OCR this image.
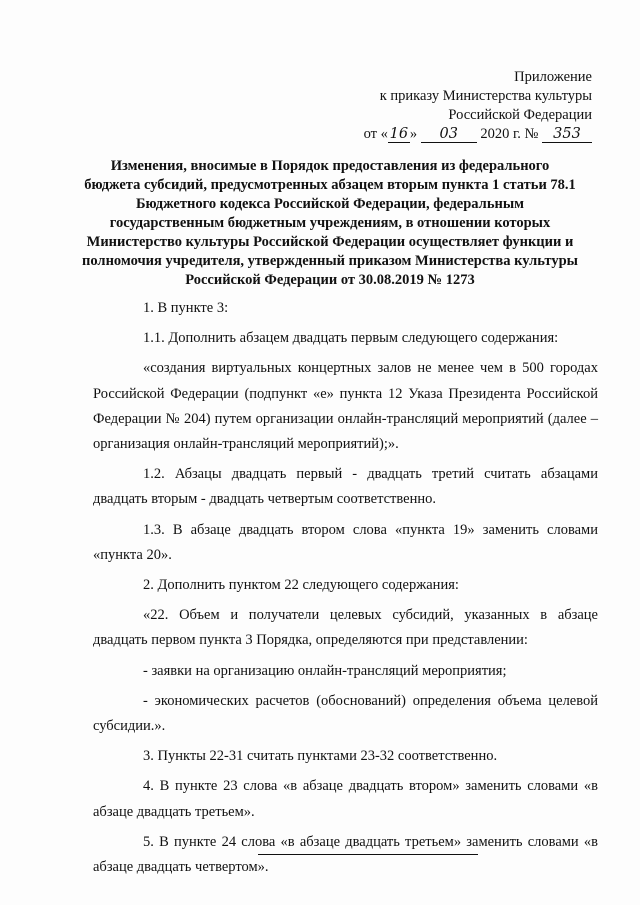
Приложение
к приказу Министерства культуры
Российской Федерации
от « 16 » 03 2020 г. № 353
Изменения, вносимые в Порядок предоставления из федерального бюджета субсидий, предусмотренных абзацем вторым пункта 1 статьи 78.1 Бюджетного кодекса Российской Федерации, федеральным государственным бюджетным учреждениям, в отношении которых Министерство культуры Российской Федерации осуществляет функции и полномочия учредителя, утвержденный приказом Министерства культуры Российской Федерации от 30.08.2019 № 1273

1. В пункте 3:

1.1. Дополнить абзацем двадцать первым следующего содержания:

«создания виртуальных концертных залов не менее чем в 500 городах Российской Федерации (подпункт «е» пункта 12 Указа Президента Российской Федерации № 204) путем организации онлайн-трансляций мероприятий (далее – организация онлайн-трансляций мероприятий);».

1.2. Абзацы двадцать первый - двадцать третий считать абзацами двадцать вторым - двадцать четвертым соответственно.

1.3. В абзаце двадцать втором слова «пункта 19» заменить словами «пункта 20».

2. Дополнить пунктом 22 следующего содержания:

«22. Объем и получатели целевых субсидий, указанных в абзаце двадцать первом пункта 3 Порядка, определяются при представлении:

- заявки на организацию онлайн-трансляций мероприятия;

- экономических расчетов (обоснований) определения объема целевой субсидии.».

3. Пункты 22-31 считать пунктами 23-32 соответственно.

4. В пункте 23 слова «в абзаце двадцать втором» заменить словами «в абзаце двадцать третьем».

5. В пункте 24 слова «в абзаце двадцать третьем» заменить словами «в абзаце двадцать четвертом».
